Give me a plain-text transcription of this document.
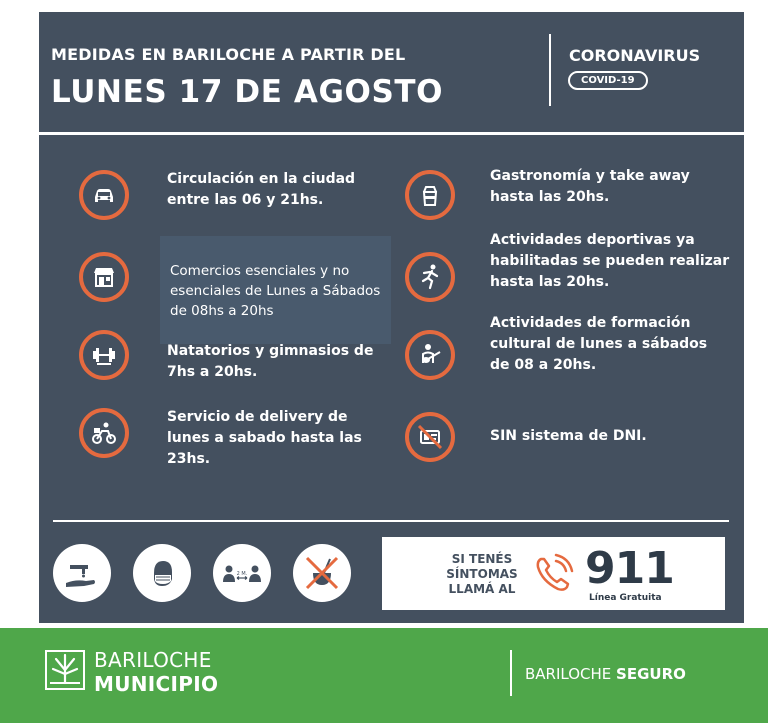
MEDIDAS EN BARILOCHE A PARTIR DEL
LUNES 17 DE AGOSTO
CORONAVIRUS
COVID-19
Circulación en la ciudad entre las 06 y 21hs.
Comercios esenciales y no esenciales de Lunes a Sábados de 08hs a 20hs
Natatorios y gimnasios de 7hs a 20hs.
Servicio de delivery de lunes a sabado hasta las 23hs.
Gastronomía y take away hasta las 20hs.
Actividades deportivas ya habilitadas se pueden realizar hasta las 20hs.
Actividades de formación cultural de lunes a sábados de 08 a 20hs.
SIN sistema de DNI.
2 M.
SI TENÉS
SÍNTOMAS
LLAMÁ AL	911
Línea Gratuita
BARILOCHE
MUNICIPIO	BARILOCHE SEGURO
